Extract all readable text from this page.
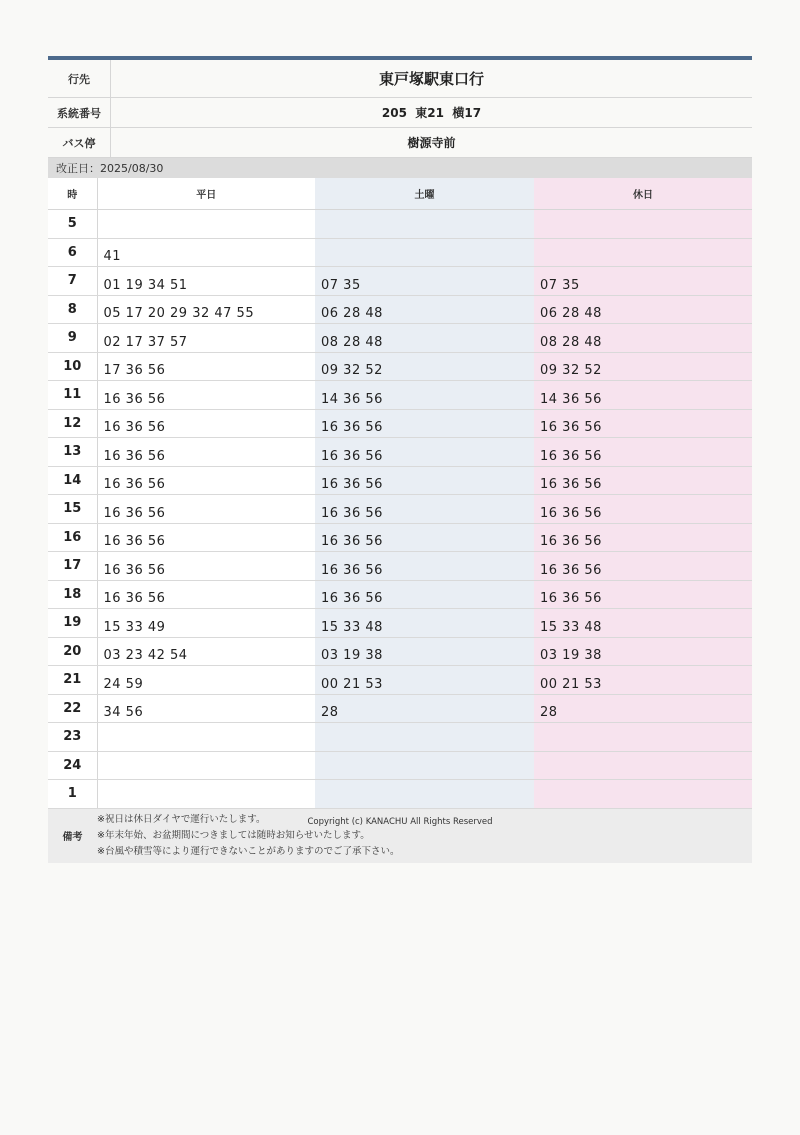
行先	東戸塚駅東口行
系統番号	205  東21  横17
バス停	樹源寺前
改正日：2025/08/30
時	平日	土曜	休日
5			
6	41		
7	01 19 34 51	07 35	07 35
8	05 17 20 29 32 47 55	06 28 48	06 28 48
9	02 17 37 57	08 28 48	08 28 48
10	17 36 56	09 32 52	09 32 52
11	16 36 56	14 36 56	14 36 56
12	16 36 56	16 36 56	16 36 56
13	16 36 56	16 36 56	16 36 56
14	16 36 56	16 36 56	16 36 56
15	16 36 56	16 36 56	16 36 56
16	16 36 56	16 36 56	16 36 56
17	16 36 56	16 36 56	16 36 56
18	16 36 56	16 36 56	16 36 56
19	15 33 49	15 33 48	15 33 48
20	03 23 42 54	03 19 38	03 19 38
21	24 59	00 21 53	00 21 53
22	34 56	28	28
23			
24			
1			
備考
※祝日は休日ダイヤで運行いたします。
※年末年始、お盆期間につきましては随時お知らせいたします。
※台風や積雪等により運行できないことがありますのでご了承下さい。
Copyright (c) KANACHU All Rights Reserved
